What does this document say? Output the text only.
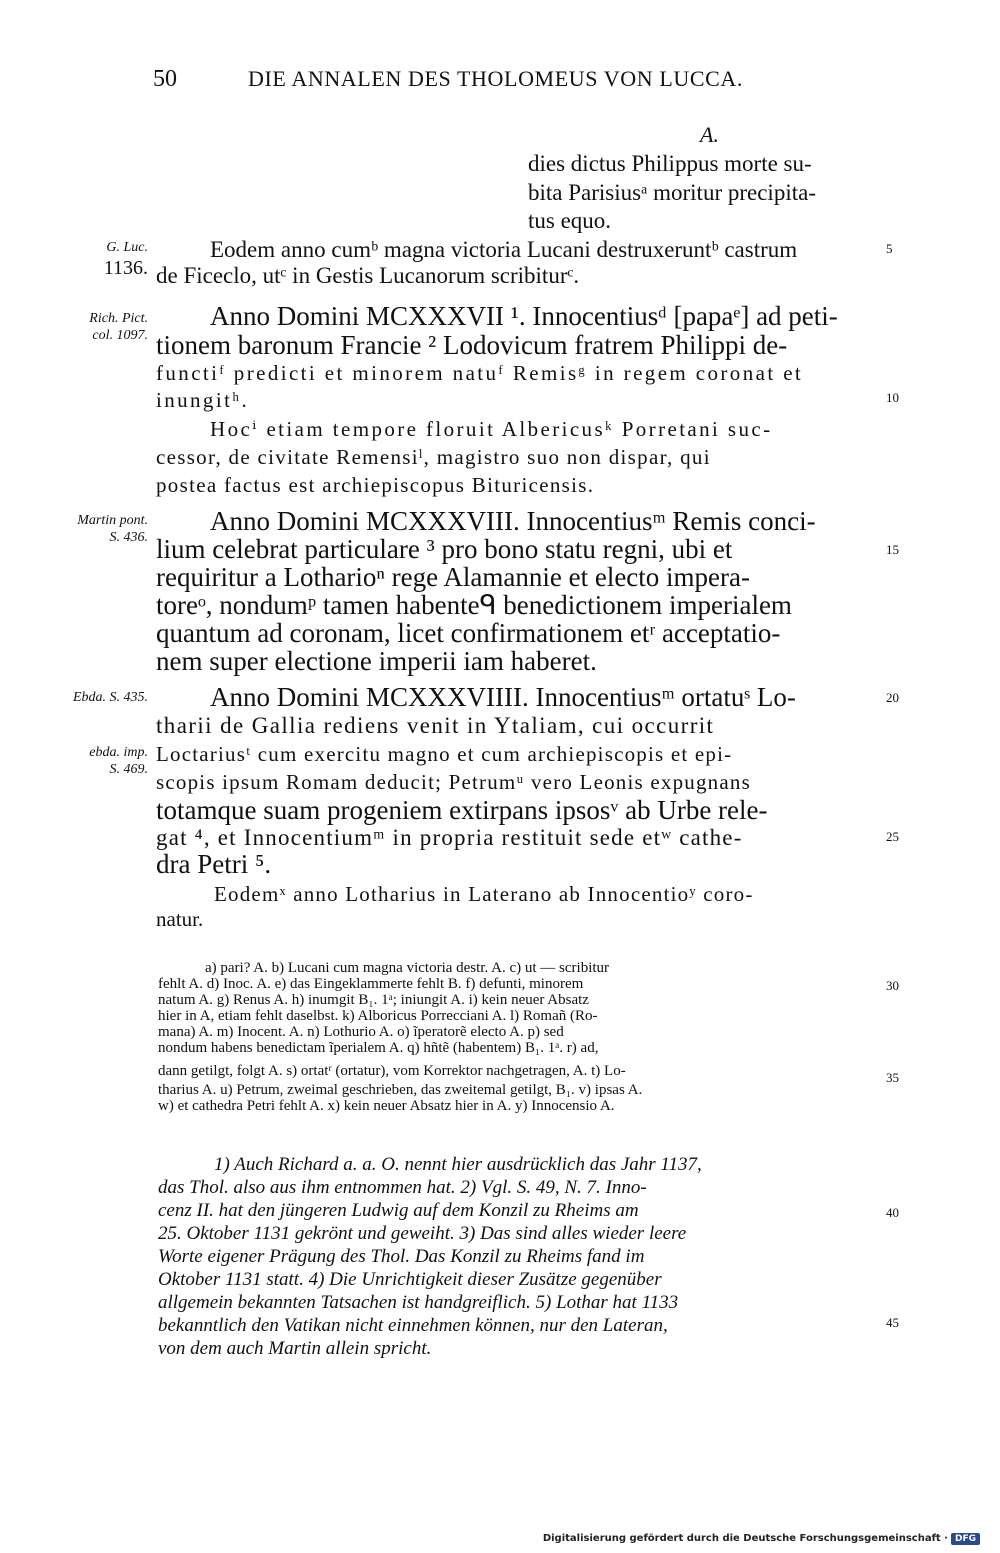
50	DIE ANNALEN DES THOLOMEUS VON LUCCA.
A.
dies dictus Philippus morte su-
bita Parisiusᵃ moritur precipita-
tus equo.
G. Luc.
1136.
Rich. Pict.
col. 1097.
Martin pont.
S. 436.
Ebda. S. 435.
ebda. imp.
S. 469.
Eodem anno cumᵇ magna victoria Lucani destruxeruntᵇ castrum
de Ficeclo, utᶜ in Gestis Lucanorum scribiturᶜ.
Anno Domini MCXXXVII ¹. Innocentiusᵈ [papaᵉ] ad peti-
tionem baronum Francie ² Lodovicum fratrem Philippi de-
functiᶠ predicti et minorem natuᶠ Remisᵍ in regem coronat et
inungitʰ.
Hocⁱ etiam tempore floruit Albericusᵏ Porretani suc-
cessor, de civitate Remensiˡ, magistro suo non dispar, qui
postea factus est archiepiscopus Bituricensis.
Anno Domini MCXXXVIII. Innocentiusᵐ Remis conci-
lium celebrat particulare ³ pro bono statu regni, ubi et
requiritur a Lotharioⁿ rege Alamannie et electo impera-
toreᵒ, nondumᵖ tamen habenteᑫ benedictionem imperialem
quantum ad coronam, licet confirmationem etʳ acceptatio-
nem super electione imperii iam haberet.
Anno Domini MCXXXVIIII. Innocentiusᵐ ortatuˢ Lo-
tharii de Gallia rediens venit in Ytaliam, cui occurrit
Loctariusᵗ cum exercitu magno et cum archiepiscopis et epi-
scopis ipsum Romam deducit; Petrumᵘ vero Leonis expugnans
totamque suam progeniem extirpans ipsosᵛ ab Urbe rele-
gat ⁴, et Innocentiumᵐ in propria restituit sede etʷ cathe-
dra Petri ⁵.
Eodemˣ anno Lotharius in Laterano ab Innocentioʸ coro-
natur.
5
10
15
20
25
30
35
40
45
a) pari? A. b) Lucani cum magna victoria destr. A. c) ut — scribitur
fehlt A. d) Inoc. A. e) das Eingeklammerte fehlt B. f) defunti, minorem
natum A. g) Renus A. h) inumgit B₁. 1ᵃ; iniungit A. i) kein neuer Absatz
hier in A, etiam fehlt daselbst. k) Alboricus Porrecciani A. l) Romañ (Ro-
mana) A. m) Inocent. A. n) Lothurio A. o) ĩperatorẽ electo A. p) sed
nondum habens benedictam ĩperialem A. q) hñtẽ (habentem) B₁. 1ᵃ. r) ad,
dann getilgt, folgt A. s) ortatʳ (ortatur), vom Korrektor nachgetragen, A. t) Lo-
tharius A. u) Petrum, zweimal geschrieben, das zweitemal getilgt, B₁. v) ipsas A.
w) et cathedra Petri fehlt A. x) kein neuer Absatz hier in A. y) Innocensio A.
1) Auch Richard a. a. O. nennt hier ausdrücklich das Jahr 1137,
das Thol. also aus ihm entnommen hat. 2) Vgl. S. 49, N. 7. Inno-
cenz II. hat den jüngeren Ludwig auf dem Konzil zu Rheims am
25. Oktober 1131 gekrönt und geweiht. 3) Das sind alles wieder leere
Worte eigener Prägung des Thol. Das Konzil zu Rheims fand im
Oktober 1131 statt. 4) Die Unrichtigkeit dieser Zusätze gegenüber
allgemein bekannten Tatsachen ist handgreiflich. 5) Lothar hat 1133
bekanntlich den Vatikan nicht einnehmen können, nur den Lateran,
von dem auch Martin allein spricht.
Digitalisierung gefördert durch die Deutsche Forschungsgemeinschaft · DFG
